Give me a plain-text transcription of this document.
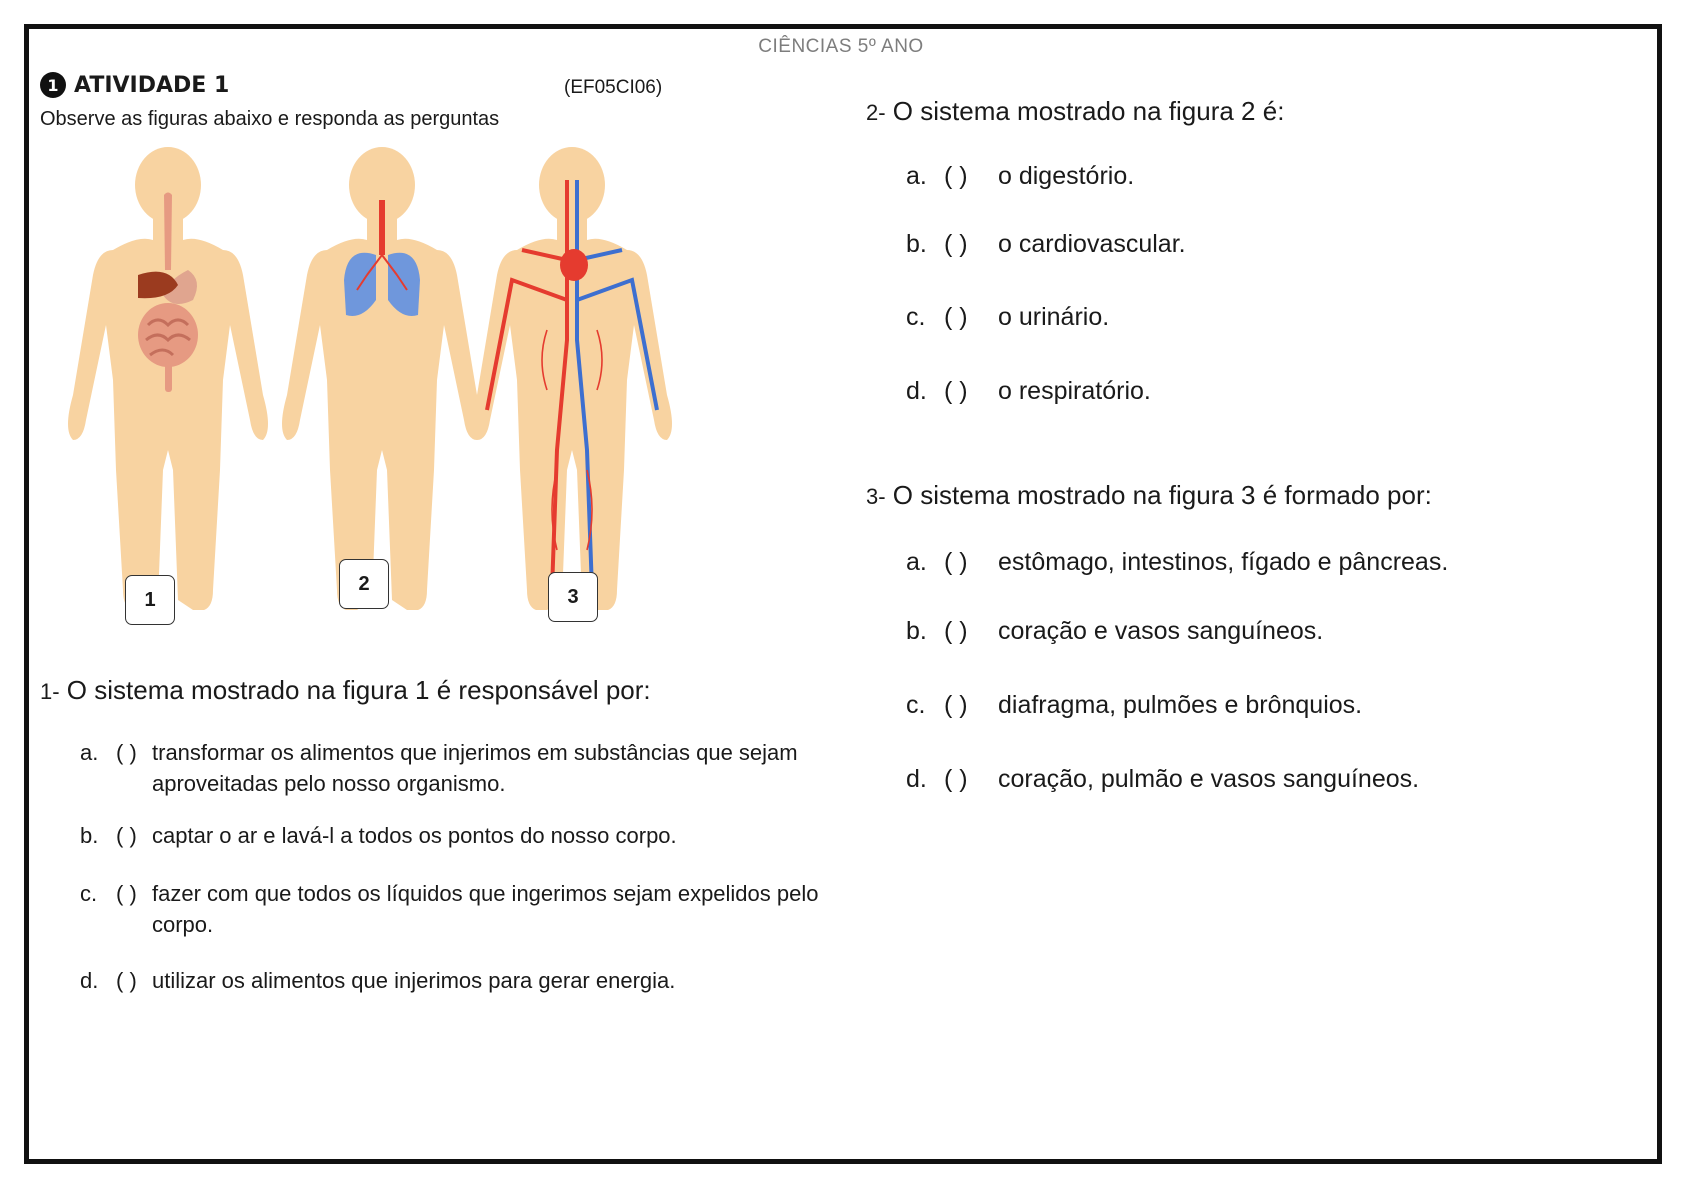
CIÊNCIAS 5º ANO
1 ATIVIDADE 1	(EF05CI06)
Observe as figuras abaixo e responda as perguntas
1
2
3
1- O sistema mostrado na figura 1 é responsável por:
a. ( ) transformar os alimentos que injerimos em substâncias que sejam aproveitadas pelo nosso organismo.
b. ( ) captar o ar e lavá-l a todos os pontos do nosso corpo.
c. ( ) fazer com que todos os líquidos que ingerimos sejam expelidos pelo corpo.
d. ( ) utilizar os alimentos que injerimos para gerar energia.
2- O sistema mostrado na figura 2 é:
a. ( )	o digestório.
b. ( )	o cardiovascular.
c. ( )	o urinário.
d. ( )	o respiratório.
3- O sistema mostrado na figura 3 é formado por:
a. ( )	estômago, intestinos, fígado e pâncreas.
b. ( )	coração e vasos sanguíneos.
c. ( )	diafragma, pulmões e brônquios.
d. ( )	coração, pulmão e vasos sanguíneos.
